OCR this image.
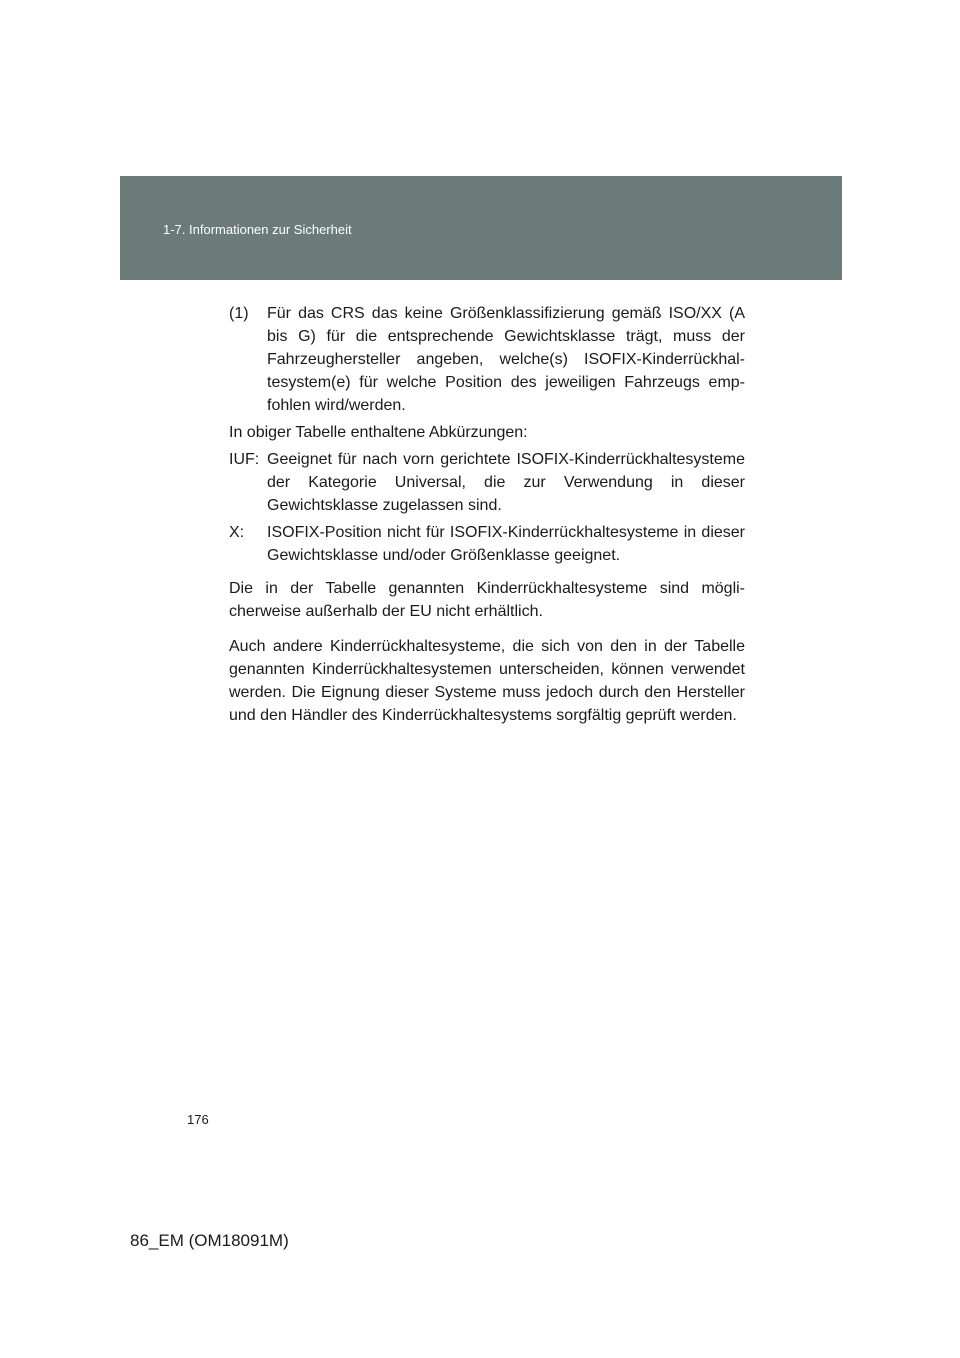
1-7. Informationen zur Sicherheit
(1)	Für das CRS das keine Größenklassifizierung gemäß ISO/XX (A bis G) für die entsprechende Gewichtsklasse trägt, muss der Fahrzeughersteller angeben, welche(s) ISOFIX-Kinderrückhaltesystem(e) für welche Position des jeweiligen Fahrzeugs empfohlen wird/werden.

In obiger Tabelle enthaltene Abkürzungen:

IUF: Geeignet für nach vorn gerichtete ISOFIX-Kinderrückhaltesysteme der Kategorie Universal, die zur Verwendung in dieser Gewichtsklasse zugelassen sind.
X:	ISOFIX-Position nicht für ISOFIX-Kinderrückhaltesysteme in dieser Gewichtsklasse und/oder Größenklasse geeignet.

Die in der Tabelle genannten Kinderrückhaltesysteme sind möglicherweise außerhalb der EU nicht erhältlich.

Auch andere Kinderrückhaltesysteme, die sich von den in der Tabelle genannten Kinderrückhaltesystemen unterscheiden, können verwendet werden. Die Eignung dieser Systeme muss jedoch durch den Hersteller und den Händler des Kinderrückhaltesystems sorgfältig geprüft werden.

176
86_EM (OM18091M)
